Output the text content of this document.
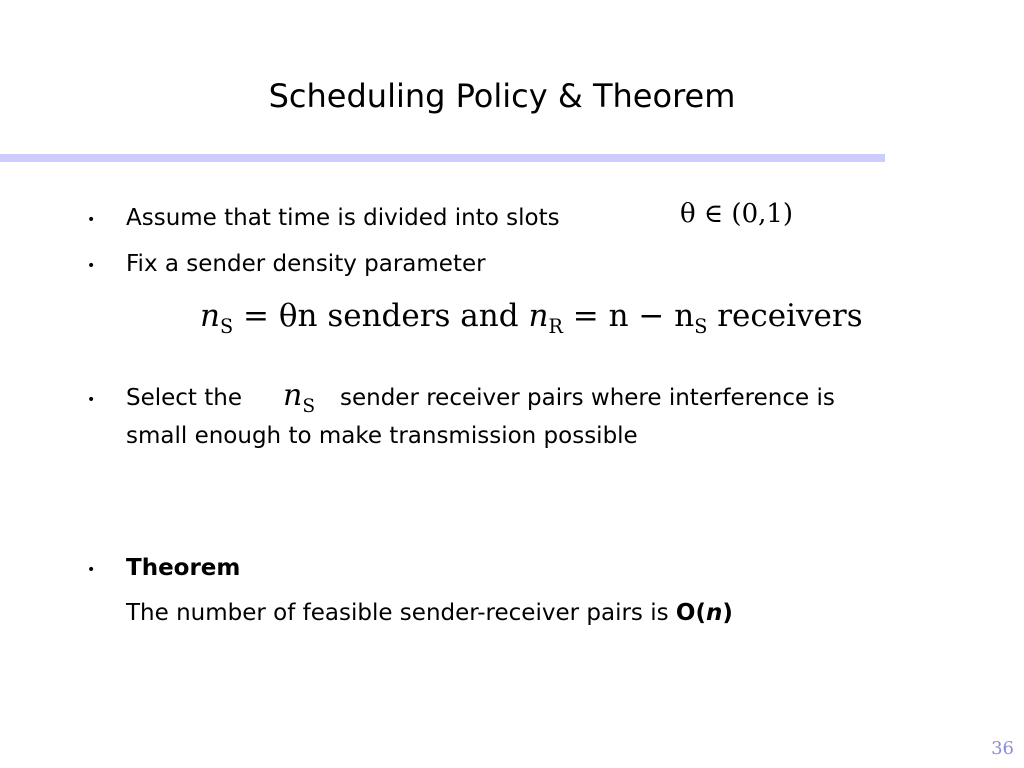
Scheduling Policy & Theorem
• Assume that time is divided into slots	θ ∈ (0,1)
• Fix a sender density parameter
$n_S = \theta n$ senders and $n_R = n - n_S$ receivers
• Select the $n_S$ sender receiver pairs where interference is
small enough to make transmission possible
• Theorem
The number of feasible sender-receiver pairs is O(n)
36
